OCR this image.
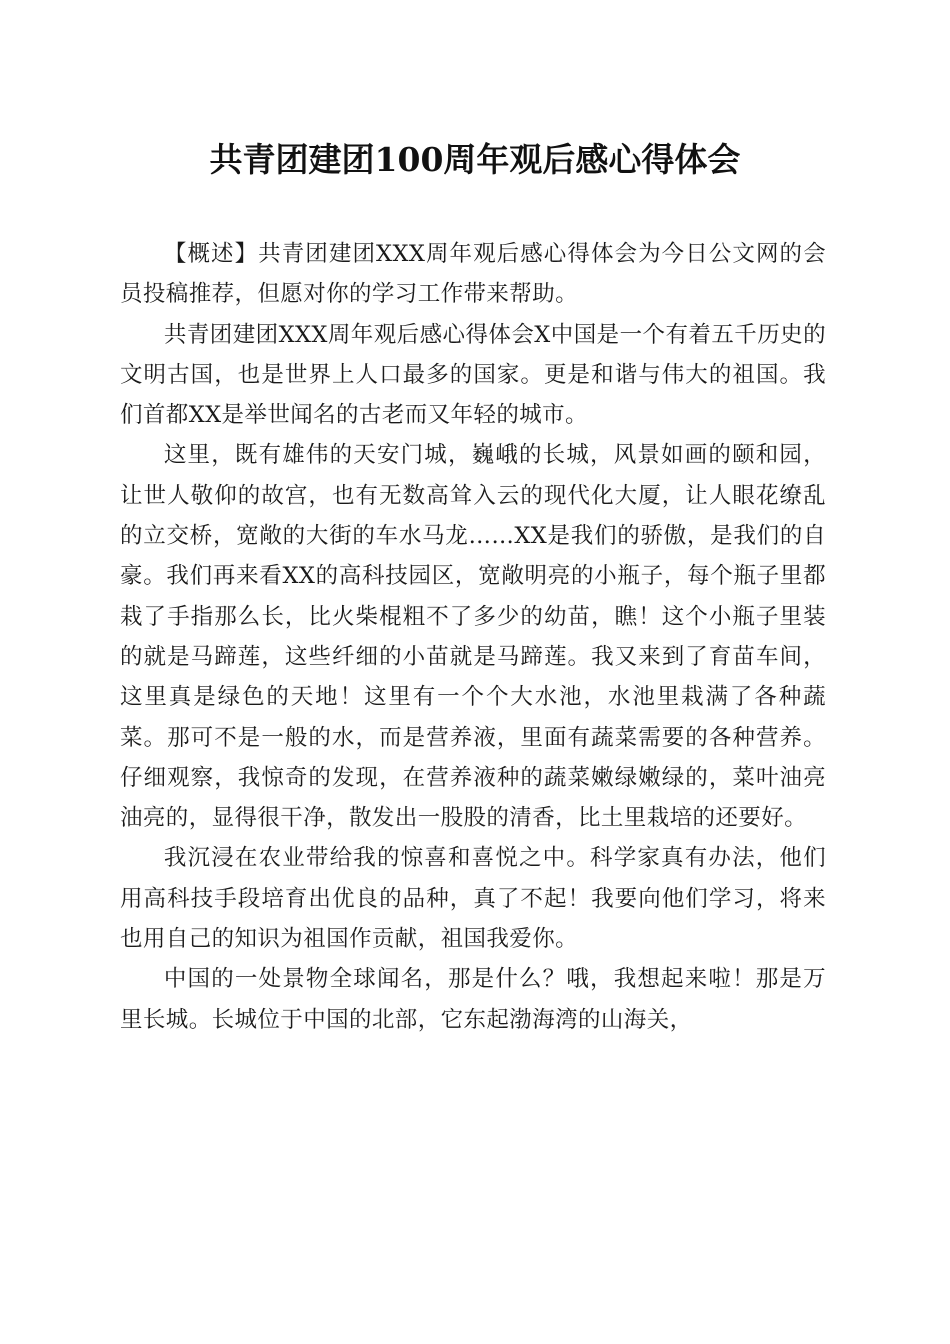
共青团建团100周年观后感心得体会

【概述】共青团建团XXX周年观后感心得体会为今日公文网的会员投稿推荐，但愿对你的学习工作带来帮助。

共青团建团XXX周年观后感心得体会X中国是一个有着五千历史的文明古国，也是世界上人口最多的国家。更是和谐与伟大的祖国。我们首都XX是举世闻名的古老而又年轻的城市。

这里，既有雄伟的天安门城，巍峨的长城，风景如画的颐和园，让世人敬仰的故宫，也有无数高耸入云的现代化大厦，让人眼花缭乱的立交桥，宽敞的大街的车水马龙……XX是我们的骄傲，是我们的自豪。我们再来看XX的高科技园区，宽敞明亮的小瓶子，每个瓶子里都栽了手指那么长，比火柴棍粗不了多少的幼苗，瞧！这个小瓶子里装的就是马蹄莲，这些纤细的小苗就是马蹄莲。我又来到了育苗车间，这里真是绿色的天地！这里有一个个大水池，水池里栽满了各种蔬菜。那可不是一般的水，而是营养液，里面有蔬菜需要的各种营养。仔细观察，我惊奇的发现，在营养液种的蔬菜嫩绿嫩绿的，菜叶油亮油亮的，显得很干净，散发出一股股的清香，比土里栽培的还要好。

我沉浸在农业带给我的惊喜和喜悦之中。科学家真有办法，他们用高科技手段培育出优良的品种，真了不起！我要向他们学习，将来也用自己的知识为祖国作贡献，祖国我爱你。

中国的一处景物全球闻名，那是什么？哦，我想起来啦！那是万里长城。长城位于中国的北部，它东起渤海湾的山海关，
